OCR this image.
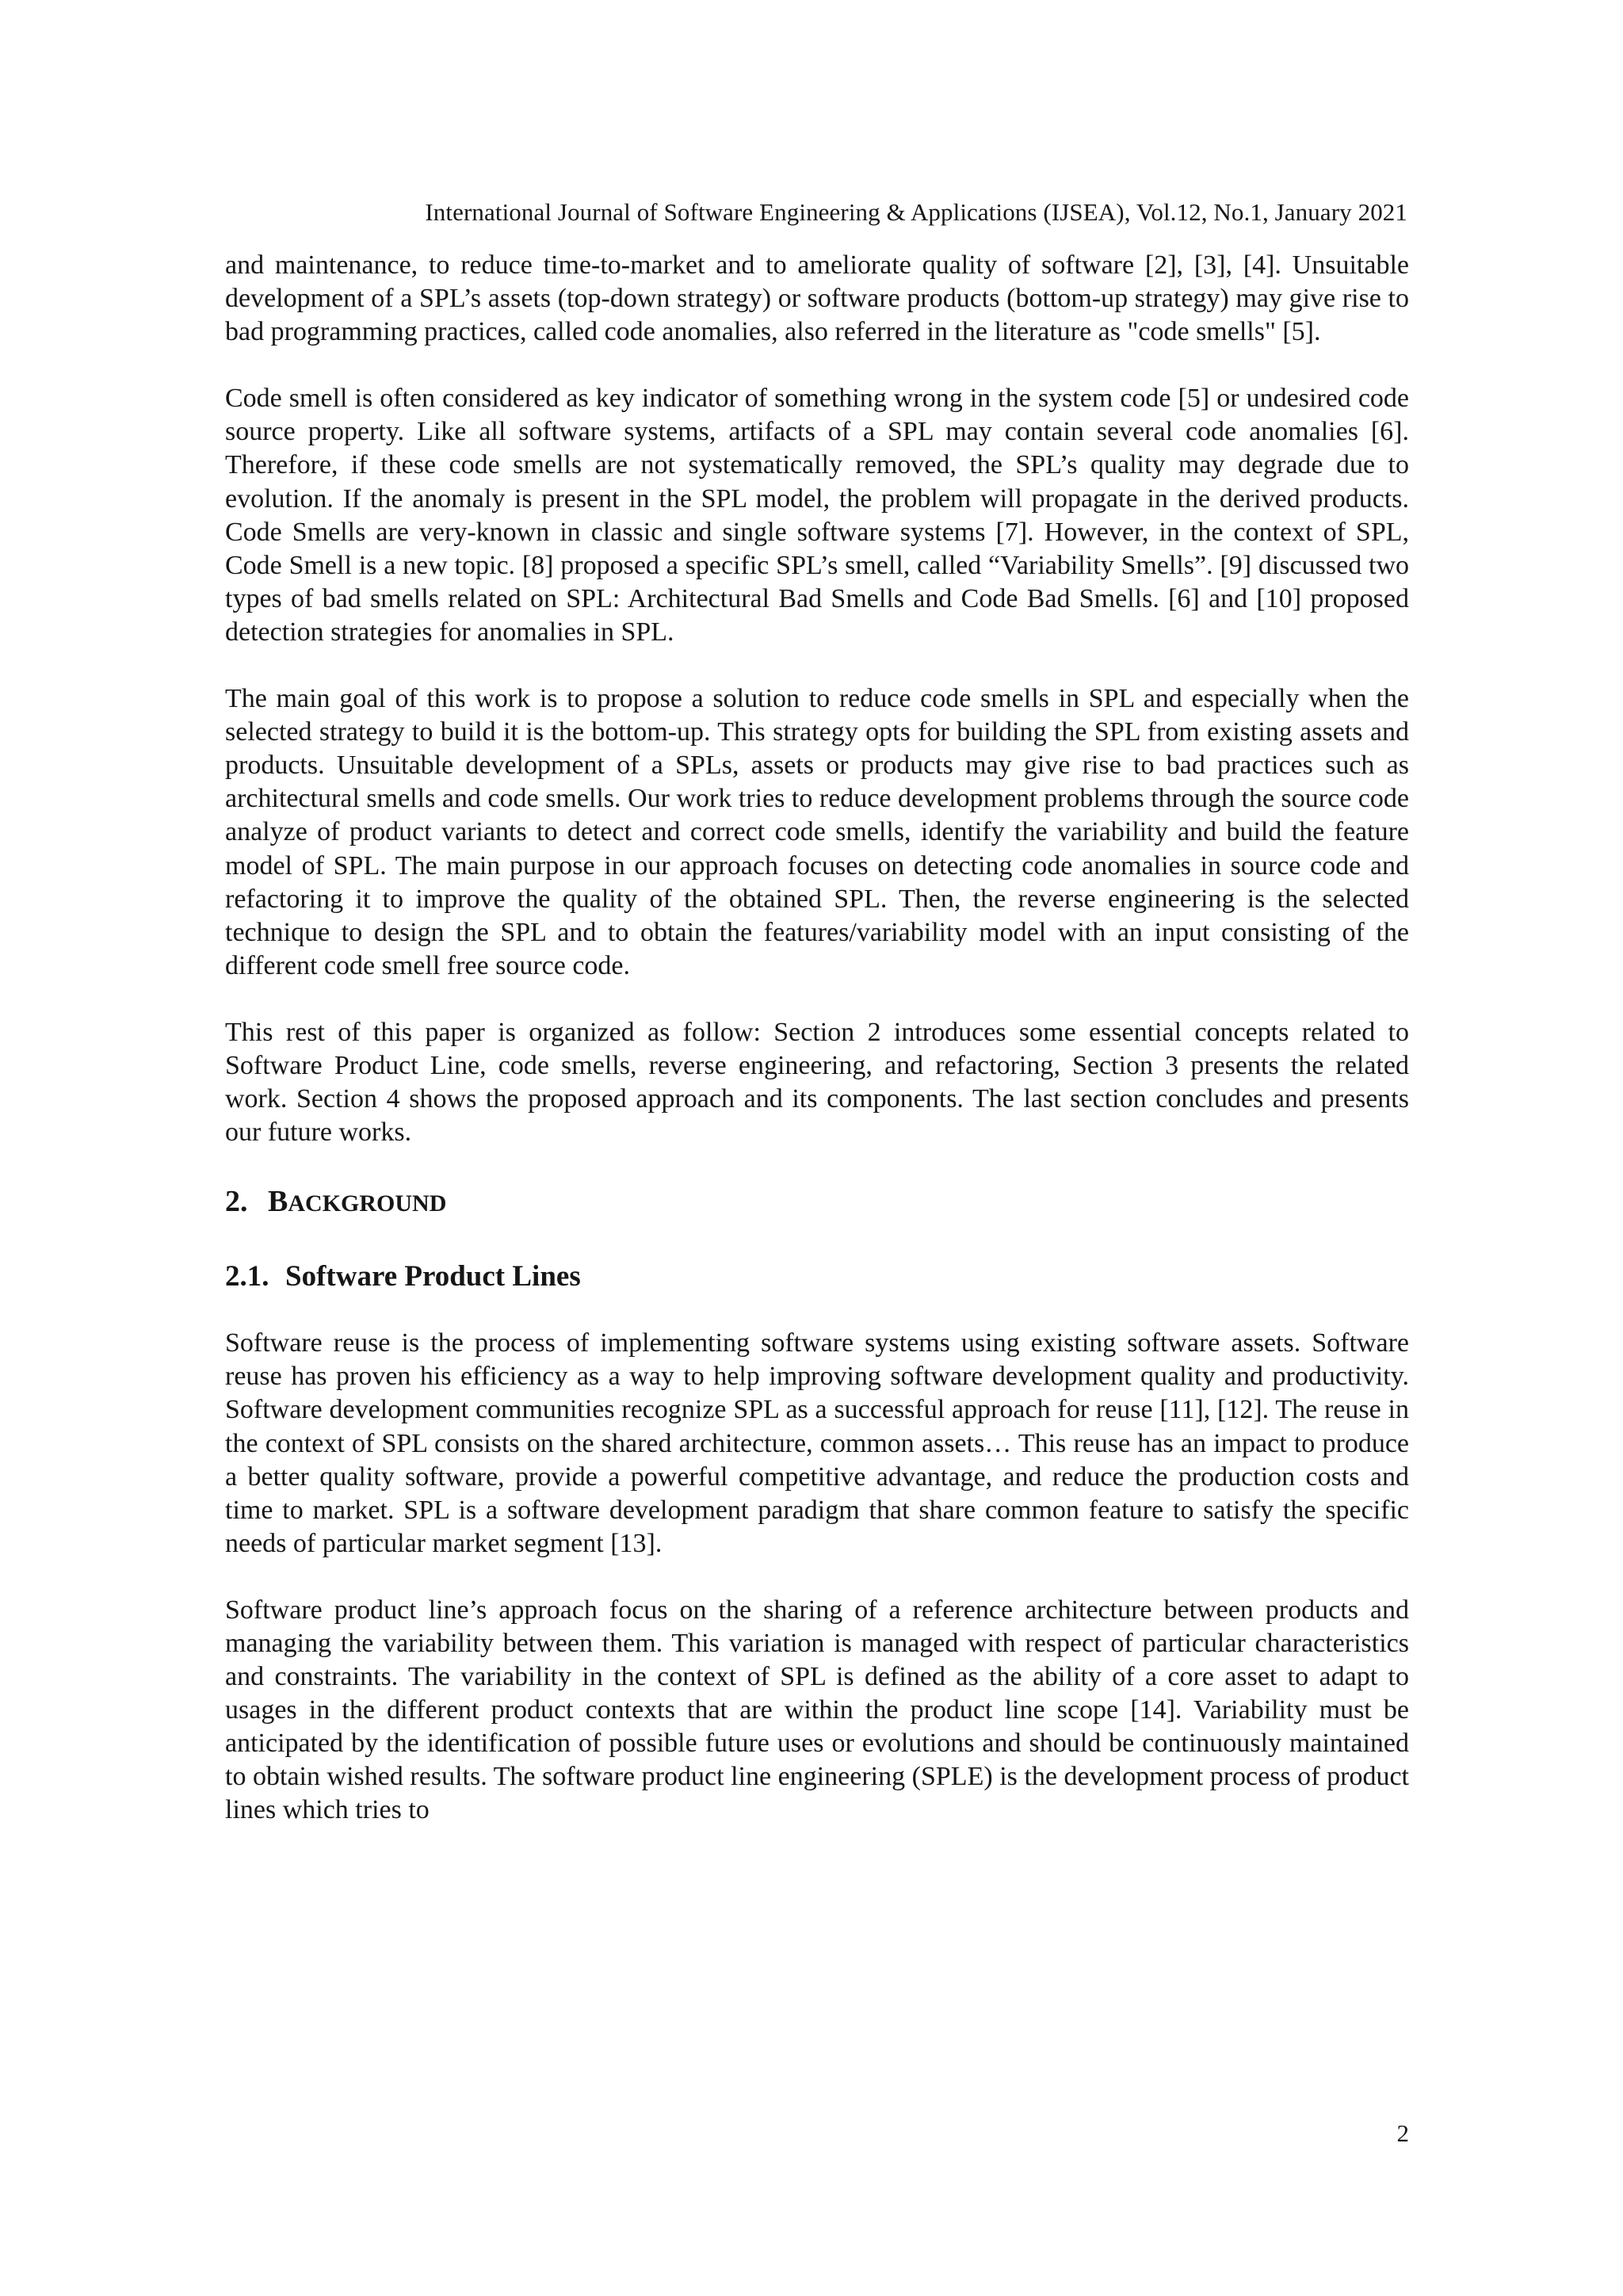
International Journal of Software Engineering & Applications (IJSEA), Vol.12, No.1, January 2021

and maintenance, to reduce time-to-market and to ameliorate quality of software [2], [3], [4]. Unsuitable development of a SPL’s assets (top-down strategy) or software products (bottom-up strategy) may give rise to bad programming practices, called code anomalies, also referred in the literature as "code smells" [5].

Code smell is often considered as key indicator of something wrong in the system code [5] or undesired code source property. Like all software systems, artifacts of a SPL may contain several code anomalies [6]. Therefore, if these code smells are not systematically removed, the SPL’s quality may degrade due to evolution. If the anomaly is present in the SPL model, the problem will propagate in the derived products. Code Smells are very-known in classic and single software systems [7]. However, in the context of SPL, Code Smell is a new topic. [8] proposed a specific SPL’s smell, called “Variability Smells”. [9] discussed two types of bad smells related on SPL: Architectural Bad Smells and Code Bad Smells. [6] and [10] proposed detection strategies for anomalies in SPL.

The main goal of this work is to propose a solution to reduce code smells in SPL and especially when the selected strategy to build it is the bottom-up. This strategy opts for building the SPL from existing assets and products. Unsuitable development of a SPLs, assets or products may give rise to bad practices such as architectural smells and code smells. Our work tries to reduce development problems through the source code analyze of product variants to detect and correct code smells, identify the variability and build the feature model of SPL. The main purpose in our approach focuses on detecting code anomalies in source code and refactoring it to improve the quality of the obtained SPL. Then, the reverse engineering is the selected technique to design the SPL and to obtain the features/variability model with an input consisting of the different code smell free source code.

This rest of this paper is organized as follow: Section 2 introduces some essential concepts related to Software Product Line, code smells, reverse engineering, and refactoring, Section 3 presents the related work. Section 4 shows the proposed approach and its components. The last section concludes and presents our future works.

2. BACKGROUND
2.1. Software Product Lines

Software reuse is the process of implementing software systems using existing software assets. Software reuse has proven his efficiency as a way to help improving software development quality and productivity. Software development communities recognize SPL as a successful approach for reuse [11], [12]. The reuse in the context of SPL consists on the shared architecture, common assets… This reuse has an impact to produce a better quality software, provide a powerful competitive advantage, and reduce the production costs and time to market. SPL is a software development paradigm that share common feature to satisfy the specific needs of particular market segment [13].

Software product line’s approach focus on the sharing of a reference architecture between products and managing the variability between them. This variation is managed with respect of particular characteristics and constraints. The variability in the context of SPL is defined as the ability of a core asset to adapt to usages in the different product contexts that are within the product line scope [14]. Variability must be anticipated by the identification of possible future uses or evolutions and should be continuously maintained to obtain wished results. The software product line engineering (SPLE) is the development process of product lines which tries to

2
